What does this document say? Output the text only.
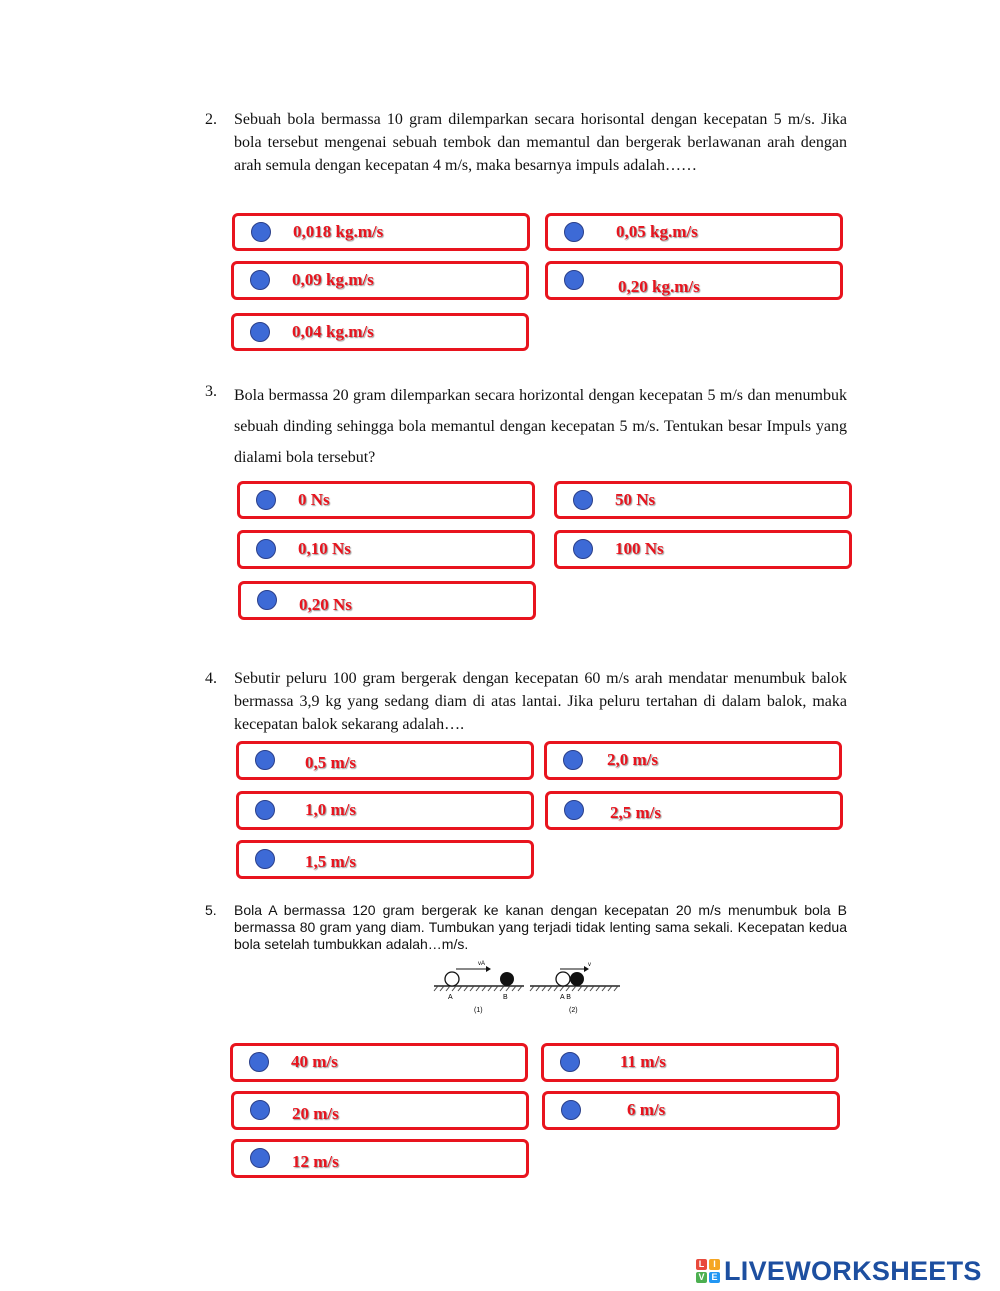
2. Sebuah bola bermassa 10 gram dilemparkan secara horisontal dengan kecepatan 5 m/s. Jika bola tersebut mengenai sebuah tembok dan memantul dan bergerak berlawanan arah dengan arah semula dengan kecepatan 4 m/s, maka besarnya impuls adalah……
0,018 kg.m/s	0,05 kg.m/s
0,09 kg.m/s	0,20 kg.m/s
0,04 kg.m/s
3. Bola bermassa 20 gram dilemparkan secara horizontal dengan kecepatan 5 m/s dan menumbuk sebuah dinding sehingga bola memantul dengan kecepatan 5 m/s. Tentukan besar Impuls yang dialami bola tersebut?
0 Ns	50 Ns
0,10 Ns	100 Ns
0,20 Ns
4. Sebutir peluru 100 gram bergerak dengan kecepatan 60 m/s arah mendatar menumbuk balok bermassa 3,9 kg yang sedang diam di atas lantai. Jika peluru tertahan di dalam balok, maka kecepatan balok sekarang adalah….
0,5 m/s	2,0 m/s
1,0 m/s	2,5 m/s
1,5 m/s
5. Bola A bermassa 120 gram bergerak ke kanan dengan kecepatan 20 m/s menumbuk bola B bermassa 80 gram yang diam. Tumbukan yang terjadi tidak lenting sama sekali. Kecepatan kedua bola setelah tumbukkan adalah…m/s.
vA
A	B
(1)
v
A B
(2)
40 m/s	11 m/s
20 m/s	6 m/s
12 m/s
L I
V E LIVEWORKSHEETS
